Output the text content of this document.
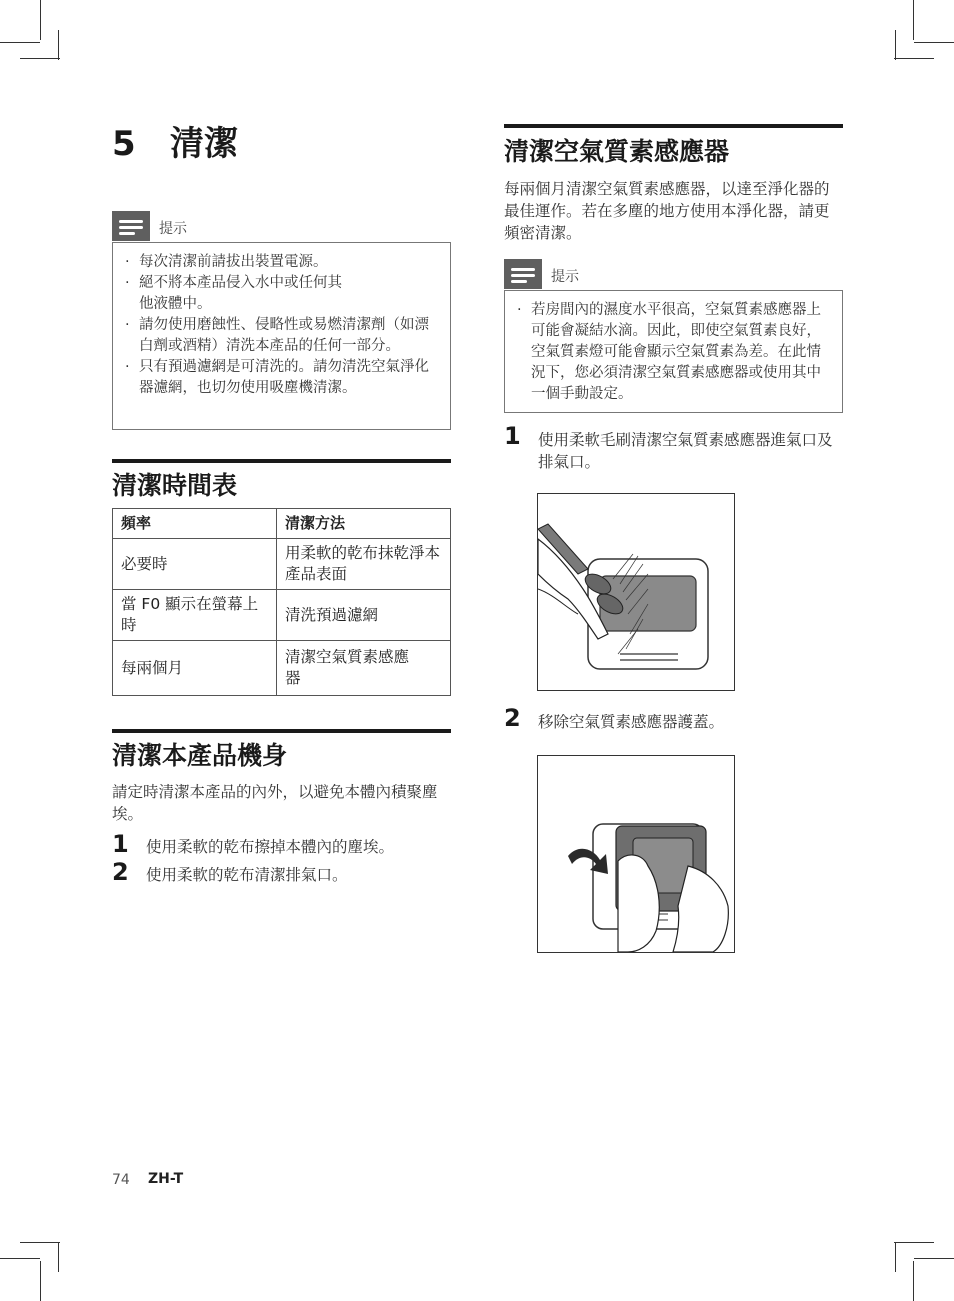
5 清潔
提示
· 每次清潔前請拔出裝置電源。
· 絕不將本產品侵入水中或任何其他液體中。
· 請勿使用磨蝕性、侵略性或易燃清潔劑（如漂白劑或酒精）清洗本產品的任何一部分。
· 只有預過濾網是可清洗的。請勿清洗空氣淨化器濾網，也切勿使用吸塵機清潔。
清潔時間表
頻率	清潔方法
必要時	用柔軟的乾布抹乾淨本產品表面
當 F0 顯示在螢幕上時	清洗預過濾網
每兩個月	清潔空氣質素感應器
清潔本產品機身
請定時清潔本產品的內外，以避免本體內積聚塵埃。
1 使用柔軟的乾布擦掉本體內的塵埃。
2 使用柔軟的乾布清潔排氣口。
清潔空氣質素感應器
每兩個月清潔空氣質素感應器，以達至淨化器的最佳運作。若在多塵的地方使用本淨化器，請更頻密清潔。
提示
· 若房間內的濕度水平很高，空氣質素感應器上可能會凝結水滴。因此，即使空氣質素良好，空氣質素燈可能會顯示空氣質素為差。在此情況下，您必須清潔空氣質素感應器或使用其中一個手動設定。
1 使用柔軟毛刷清潔空氣質素感應器進氣口及排氣口。
2 移除空氣質素感應器護蓋。
74 ZH-T
